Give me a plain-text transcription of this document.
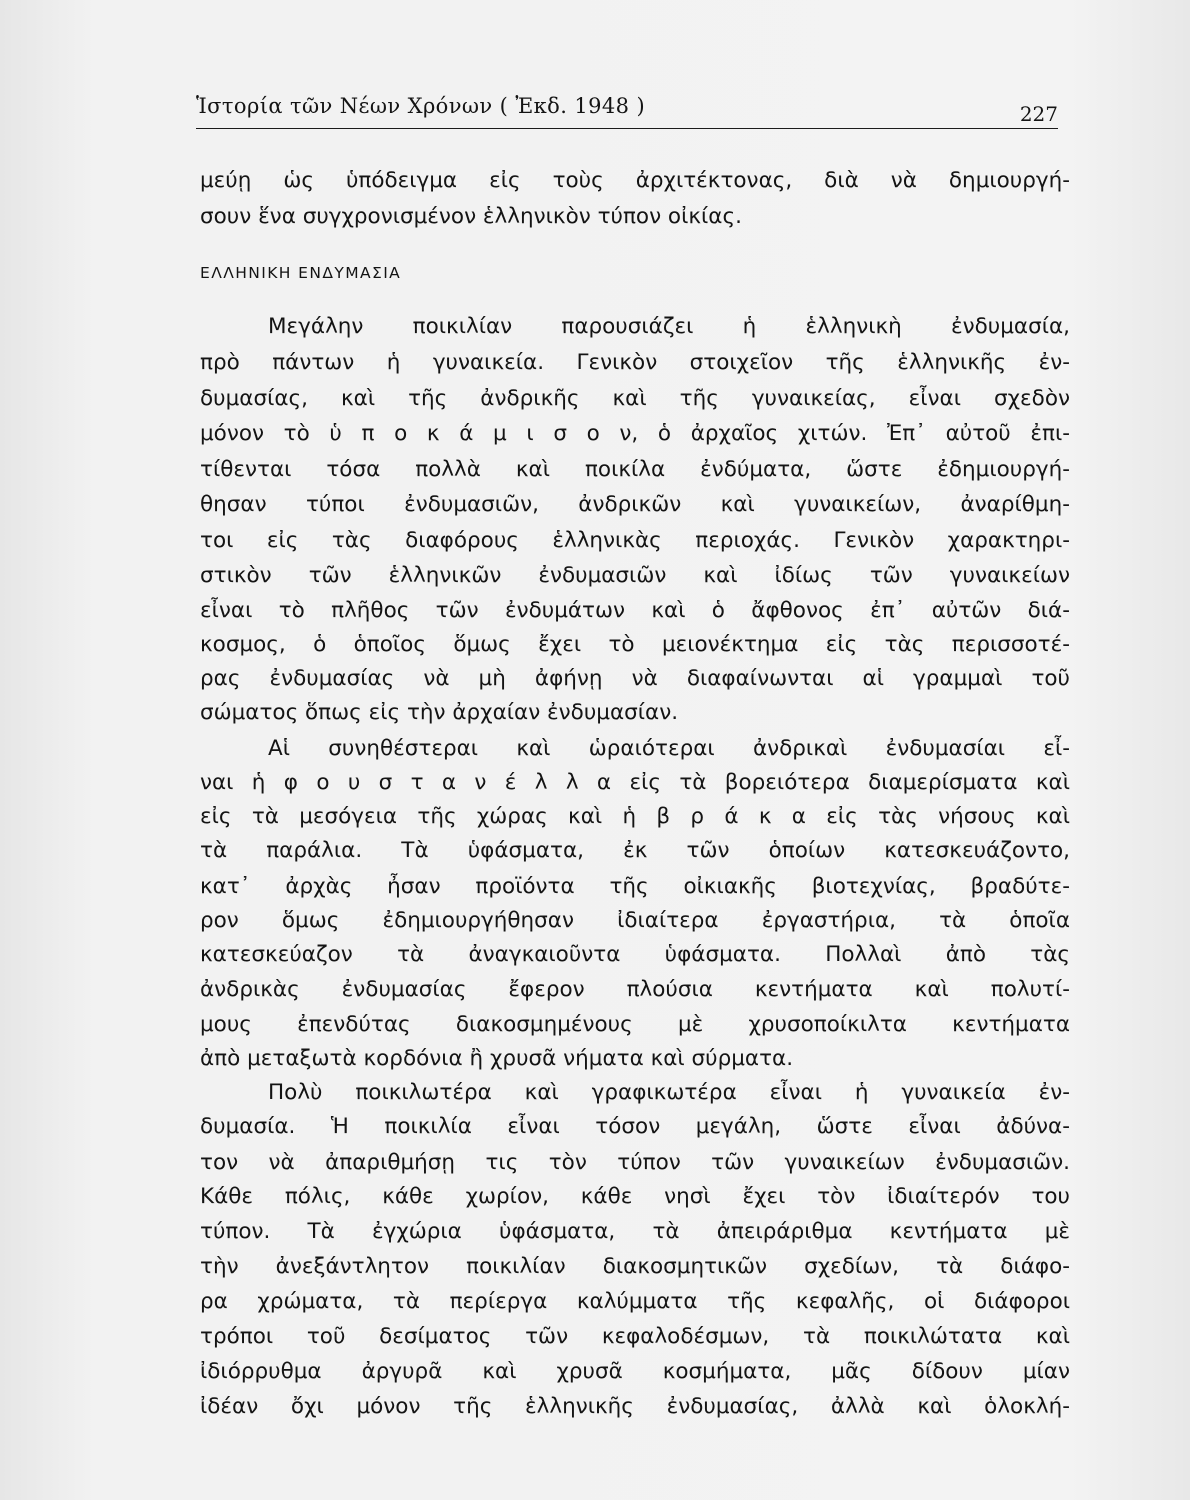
Ἱστορία τῶν Νέων Χρόνων ( Ἐκδ. 1948 )	227
μεύῃ ὡς ὑπόδειγμα εἰς τοὺς ἀρχιτέκτονας, διὰ νὰ δημιουργή-
σουν ἕνα συγχρονισμένον ἑλληνικὸν τύπον οἰκίας.
ΕΛΛΗΝΙΚΗ ΕΝΔΥΜΑΣΙΑ
Μεγάλην ποικιλίαν παρουσιάζει ἡ ἑλληνικὴ ἐνδυμασία,
πρὸ πάντων ἡ γυναικεία. Γενικὸν στοιχεῖον τῆς ἑλληνικῆς ἐν-
δυμασίας, καὶ τῆς ἀνδρικῆς καὶ τῆς γυναικείας, εἶναι σχεδὸν
μόνον τὸ ὑ π ο κ ά μ ι σ ο ν, ὁ ἀρχαῖος χιτών. Ἐπ᾿ αὐτοῦ ἐπι-
τίθενται τόσα πολλὰ καὶ ποικίλα ἐνδύματα, ὥστε ἐδημιουργή-
θησαν τύποι ἐνδυμασιῶν, ἀνδρικῶν καὶ γυναικείων, ἀναρίθμη-
τοι εἰς τὰς διαφόρους ἑλληνικὰς περιοχάς. Γενικὸν χαρακτηρι-
στικὸν τῶν ἑλληνικῶν ἐνδυμασιῶν καὶ ἰδίως τῶν γυναικείων
εἶναι τὸ πλῆθος τῶν ἐνδυμάτων καὶ ὁ ἄφθονος ἐπ᾿ αὐτῶν διά-
κοσμος, ὁ ὁποῖος ὅμως ἔχει τὸ μειονέκτημα εἰς τὰς περισσοτέ-
ρας ἐνδυμασίας νὰ μὴ ἀφήνῃ νὰ διαφαίνωνται αἱ γραμμαὶ τοῦ
σώματος ὅπως εἰς τὴν ἀρχαίαν ἐνδυμασίαν.
Αἱ συνηθέστεραι καὶ ὡραιότεραι ἀνδρικαὶ ἐνδυμασίαι εἶ-
ναι ἡ φ ο υ σ τ α ν έ λ λ α εἰς τὰ βορειότερα διαμερίσματα καὶ
εἰς τὰ μεσόγεια τῆς χώρας καὶ ἡ β ρ ά κ α εἰς τὰς νήσους καὶ
τὰ παράλια. Τὰ ὑφάσματα, ἐκ τῶν ὁποίων κατεσκευάζοντο,
κατ᾿ ἀρχὰς ἦσαν προϊόντα τῆς οἰκιακῆς βιοτεχνίας, βραδύτε-
ρον ὅμως ἐδημιουργήθησαν ἰδιαίτερα ἐργαστήρια, τὰ ὁποῖα
κατεσκεύαζον τὰ ἀναγκαιοῦντα ὑφάσματα. Πολλαὶ ἀπὸ τὰς
ἀνδρικὰς ἐνδυμασίας ἔφερον πλούσια κεντήματα καὶ πολυτί-
μους ἐπενδύτας διακοσμημένους μὲ χρυσοποίκιλτα κεντήματα
ἀπὸ μεταξωτὰ κορδόνια ἢ χρυσᾶ νήματα καὶ σύρματα.
Πολὺ ποικιλωτέρα καὶ γραφικωτέρα εἶναι ἡ γυναικεία ἐν-
δυμασία. Ἡ ποικιλία εἶναι τόσον μεγάλη, ὥστε εἶναι ἀδύνα-
τον νὰ ἀπαριθμήσῃ τις τὸν τύπον τῶν γυναικείων ἐνδυμασιῶν.
Κάθε πόλις, κάθε χωρίον, κάθε νησὶ ἔχει τὸν ἰδιαίτερόν του
τύπον. Τὰ ἐγχώρια ὑφάσματα, τὰ ἀπειράριθμα κεντήματα μὲ
τὴν ἀνεξάντλητον ποικιλίαν διακοσμητικῶν σχεδίων, τὰ διάφο-
ρα χρώματα, τὰ περίεργα καλύμματα τῆς κεφαλῆς, οἱ διάφοροι
τρόποι τοῦ δεσίματος τῶν κεφαλοδέσμων, τὰ ποικιλώτατα καὶ
ἰδιόρρυθμα ἀργυρᾶ καὶ χρυσᾶ κοσμήματα, μᾶς δίδουν μίαν
ἰδέαν ὄχι μόνον τῆς ἑλληνικῆς ἐνδυμασίας, ἀλλὰ καὶ ὁλοκλή-
